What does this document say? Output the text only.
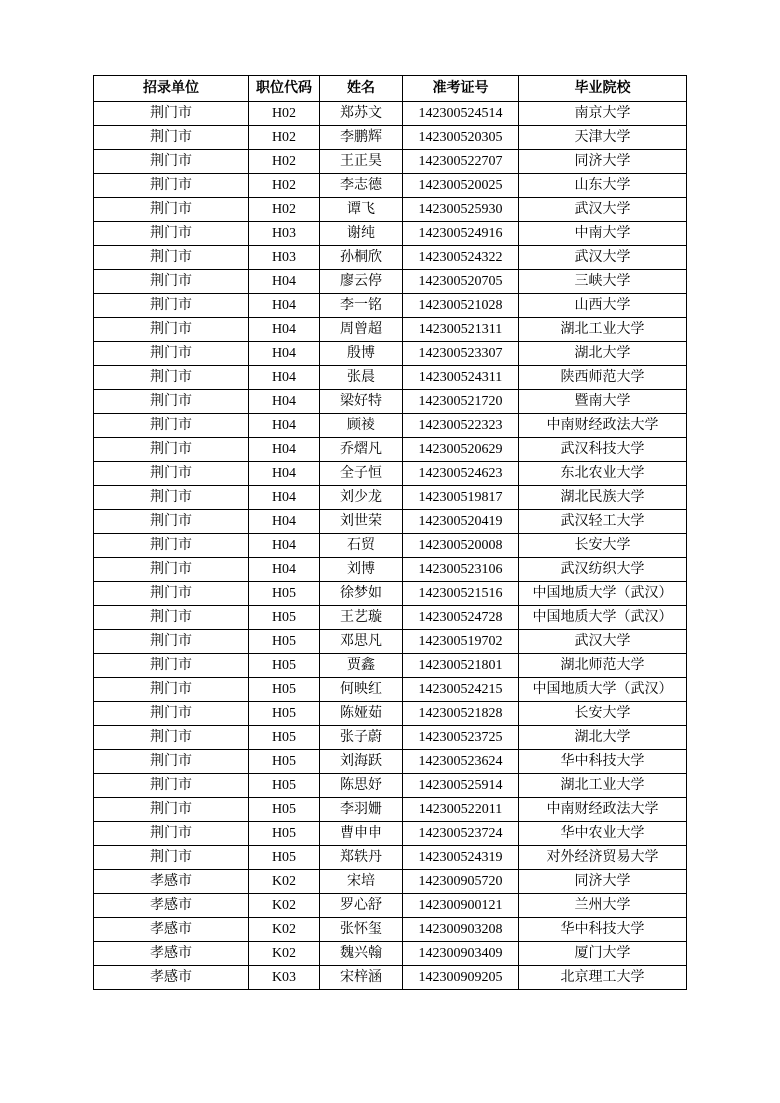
招录单位	职位代码	姓名	准考证号	毕业院校
荆门市	H02	郑苏文	142300524514	南京大学
荆门市	H02	李鹏辉	142300520305	天津大学
荆门市	H02	王正昊	142300522707	同济大学
荆门市	H02	李志德	142300520025	山东大学
荆门市	H02	谭飞	142300525930	武汉大学
荆门市	H03	谢纯	142300524916	中南大学
荆门市	H03	孙桐欣	142300524322	武汉大学
荆门市	H04	廖云停	142300520705	三峡大学
荆门市	H04	李一铭	142300521028	山西大学
荆门市	H04	周曾超	142300521311	湖北工业大学
荆门市	H04	殷博	142300523307	湖北大学
荆门市	H04	张晨	142300524311	陕西师范大学
荆门市	H04	梁好特	142300521720	暨南大学
荆门市	H04	顾祾	142300522323	中南财经政法大学
荆门市	H04	乔熠凡	142300520629	武汉科技大学
荆门市	H04	全子恒	142300524623	东北农业大学
荆门市	H04	刘少龙	142300519817	湖北民族大学
荆门市	H04	刘世荣	142300520419	武汉轻工大学
荆门市	H04	石贸	142300520008	长安大学
荆门市	H04	刘博	142300523106	武汉纺织大学
荆门市	H05	徐梦如	142300521516	中国地质大学（武汉）
荆门市	H05	王艺璇	142300524728	中国地质大学（武汉）
荆门市	H05	邓思凡	142300519702	武汉大学
荆门市	H05	贾鑫	142300521801	湖北师范大学
荆门市	H05	何映红	142300524215	中国地质大学（武汉）
荆门市	H05	陈娅茹	142300521828	长安大学
荆门市	H05	张子蔚	142300523725	湖北大学
荆门市	H05	刘海跃	142300523624	华中科技大学
荆门市	H05	陈思妤	142300525914	湖北工业大学
荆门市	H05	李羽姗	142300522011	中南财经政法大学
荆门市	H05	曹申申	142300523724	华中农业大学
荆门市	H05	郑轶丹	142300524319	对外经济贸易大学
孝感市	K02	宋培	142300905720	同济大学
孝感市	K02	罗心舒	142300900121	兰州大学
孝感市	K02	张怀玺	142300903208	华中科技大学
孝感市	K02	魏兴翰	142300903409	厦门大学
孝感市	K03	宋梓涵	142300909205	北京理工大学
